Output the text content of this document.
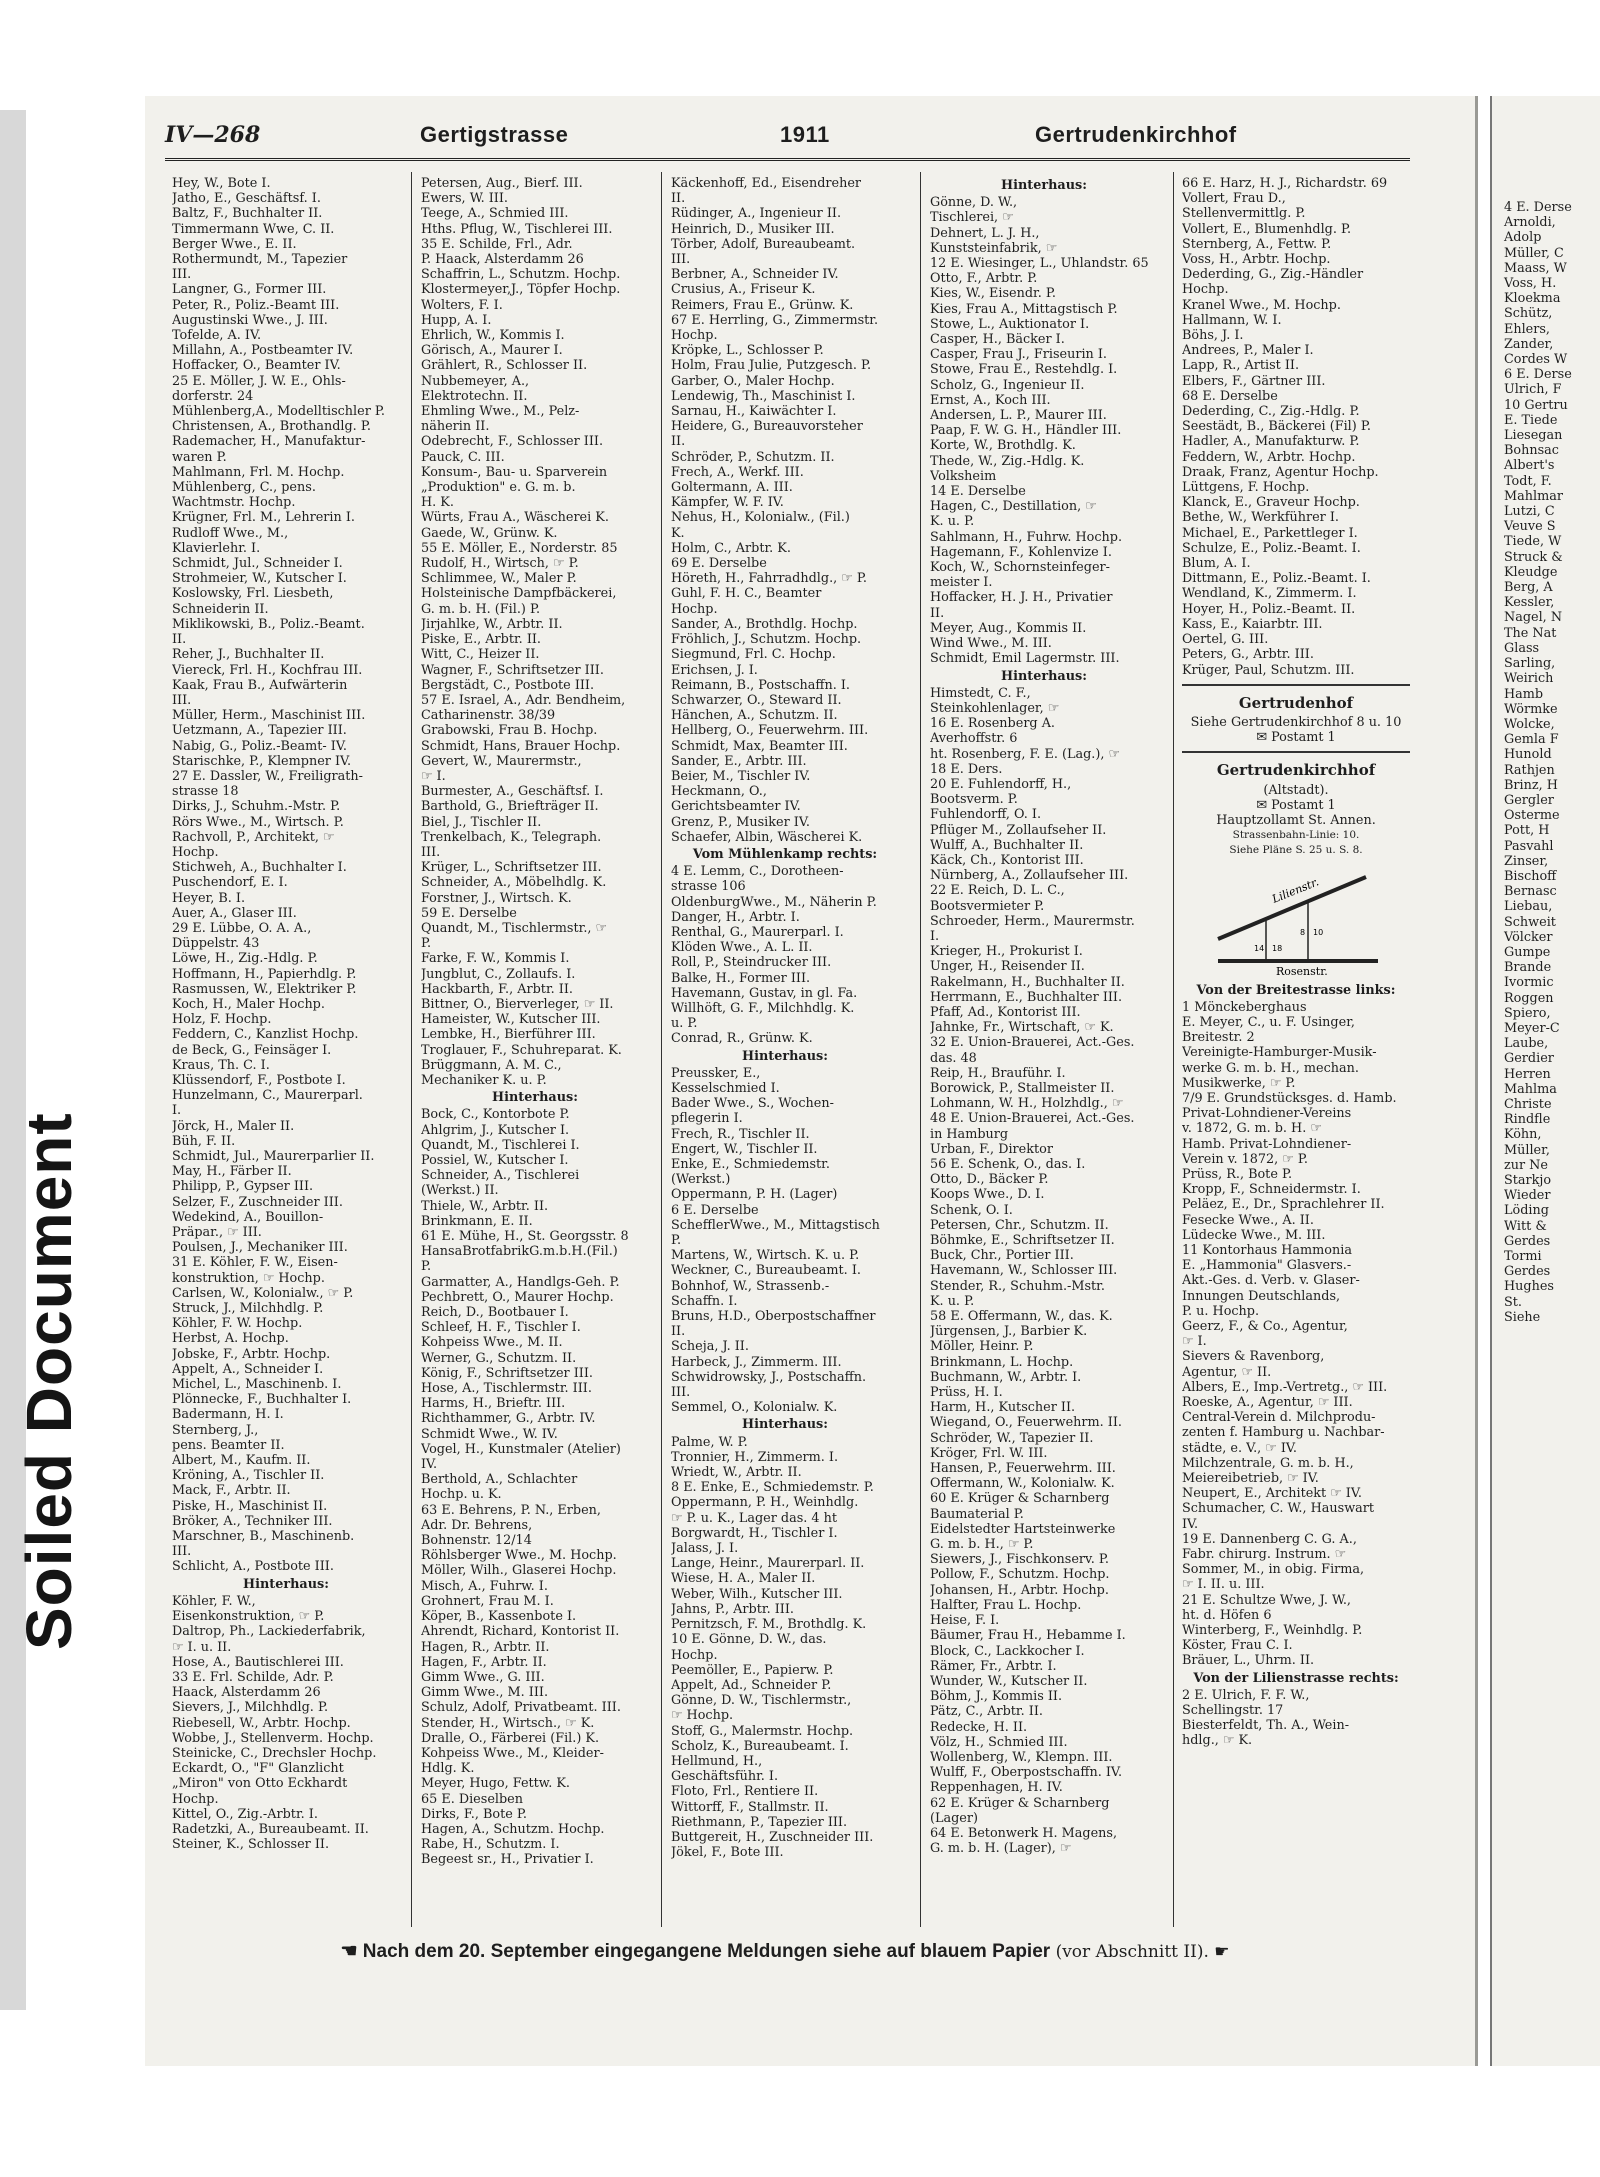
Soiled Document
4 E. Derse
Arnoldi,
Adolp
Müller, C
Maass, W
Voss, H.
Kloekma
Schütz,
Ehlers,
Zander,
Cordes W
6 E. Derse
Ulrich, F
10 Gertru
E. Tiede
Liesegan
Bohnsac
Albert's
Todt, F.
Mahlmar
Lutzi, C
Veuve S
Tiede, W
Struck &
Kleudge
Berg, A
Kessler,
Nagel, N
The Nat
Glass
Sarling,
Weirich
Hamb
Wörmke
Wolcke,
Gemla F
Hunold
Rathjen
Brinz, H
Gergler
Osterme
Pott, H
Pasvahl
Zinser,
Bischoff
Bernasc
Liebau,
Schweit
Völcker
Gumpe
Brande
Ivormic
Roggen
Spiero,
Meyer-C
Laube,
Gerdier
Herren
Mahlma
Christe
Rindfle
Köhn,
Müller,
zur Ne
Starkjo
Wieder
Löding
Witt &
Gerdes
Tormi
Gerdes
Hughes
St.
Siehe
IV—268	Gertigstrasse	1911	Gertrudenkirchhof
Hey, W., Bote I.
Jatho, E., Geschäftsf. I.
Baltz, F., Buchhalter II.
Timmermann Wwe, C. II.
Berger Wwe., E. II.
Rothermundt, M., Tapezier
III.
Langner, G., Former III.
Peter, R., Poliz.-Beamt III.
Augustinski Wwe., J. III.
Tofelde, A. IV.
Millahn, A., Postbeamter IV.
Hoffacker, O., Beamter IV.
25 E. Möller, J. W. E., Ohls-
dorferstr. 24
Mühlenberg,A., Modelltischler P.
Christensen, A., Brothandlg. P.
Rademacher, H., Manufaktur-
waren P.
Mahlmann, Frl. M. Hochp.
Mühlenberg, C., pens.
Wachtmstr. Hochp.
Krügner, Frl. M., Lehrerin I.
Rudloff Wwe., M.,
Klavierlehr. I.
Schmidt, Jul., Schneider I.
Strohmeier, W., Kutscher I.
Koslowsky, Frl. Liesbeth,
Schneiderin II.
Miklikowski, B., Poliz.-Beamt.
II.
Reher, J., Buchhalter II.
Viereck, Frl. H., Kochfrau III.
Kaak, Frau B., Aufwärterin
III.
Müller, Herm., Maschinist III.
Uetzmann, A., Tapezier III.
Nabig, G., Poliz.-Beamt- IV.
Starischke, P., Klempner IV.
27 E. Dassler, W., Freiligrath-
strasse 18
Dirks, J., Schuhm.-Mstr. P.
Rörs Wwe., M., Wirtsch. P.
Rachvoll, P., Architekt, ☞
Hochp.
Stichweh, A., Buchhalter I.
Puschendorf, E. I.
Heyer, B. I.
Auer, A., Glaser III.
29 E. Lübbe, O. A. A.,
Düppelstr. 43
Löwe, H., Zig.-Hdlg. P.
Hoffmann, H., Papierhdlg. P.
Rasmussen, W., Elektriker P.
Koch, H., Maler Hochp.
Holz, F. Hochp.
Feddern, C., Kanzlist Hochp.
de Beck, G., Feinsäger I.
Kraus, Th. C. I.
Klüssendorf, F., Postbote I.
Hunzelmann, C., Maurerparl.
I.
Jörck, H., Maler II.
Büh, F. II.
Schmidt, Jul., Maurerparlier II.
May, H., Färber II.
Philipp, P., Gypser III.
Selzer, F., Zuschneider III.
Wedekind, A., Bouillon-
Präpar., ☞ III.
Poulsen, J., Mechaniker III.
31 E. Köhler, F. W., Eisen-
konstruktion, ☞ Hochp.
Carlsen, W., Kolonialw., ☞ P.
Struck, J., Milchhdlg. P.
Köhler, F. W. Hochp.
Herbst, A. Hochp.
Jobske, F., Arbtr. Hochp.
Appelt, A., Schneider I.
Michel, L., Maschinenb. I.
Plönnecke, F., Buchhalter I.
Badermann, H. I.
Sternberg, J.,
pens. Beamter II.
Albert, M., Kaufm. II.
Kröning, A., Tischler II.
Mack, F., Arbtr. II.
Piske, H., Maschinist II.
Bröker, A., Techniker III.
Marschner, B., Maschinenb.
III.
Schlicht, A., Postbote III.
Hinterhaus:
Köhler, F. W.,
Eisenkonstruktion, ☞ P.
Daltrop, Ph., Lackiederfabrik,
☞ I. u. II.
Hose, A., Bautischlerei III.
33 E. Frl. Schilde, Adr. P.
Haack, Alsterdamm 26
Sievers, J., Milchhdlg. P.
Riebesell, W., Arbtr. Hochp.
Wobbe, J., Stellenverm. Hochp.
Steinicke, C., Drechsler Hochp.
Eckardt, O., "F" Glanzlicht
„Miron" von Otto Eckhardt
Hochp.
Kittel, O., Zig.-Arbtr. I.
Radetzki, A., Bureaubeamt. II.
Steiner, K., Schlosser II.
Petersen, Aug., Bierf. III.
Ewers, W. III.
Teege, A., Schmied III.
Hths. Pflug, W., Tischlerei III.
35 E. Schilde, Frl., Adr.
P. Haack, Alsterdamm 26
Schaffrin, L., Schutzm. Hochp.
Klostermeyer,J., Töpfer Hochp.
Wolters, F. I.
Hupp, A. I.
Ehrlich, W., Kommis I.
Görisch, A., Maurer I.
Grählert, R., Schlosser II.
Nubbemeyer, A.,
Elektrotechn. II.
Ehmling Wwe., M., Pelz-
näherin II.
Odebrecht, F., Schlosser III.
Pauck, C. III.
Konsum-, Bau- u. Sparverein
„Produktion" e. G. m. b.
H. K.
Würts, Frau A., Wäscherei K.
Gaede, W., Grünw. K.
55 E. Möller, E., Norderstr. 85
Rudolf, H., Wirtsch, ☞ P.
Schlimmee, W., Maler P.
Holsteinische Dampfbäckerei,
G. m. b. H. (Fil.) P.
Jirjahlke, W., Arbtr. II.
Piske, E., Arbtr. II.
Witt, C., Heizer II.
Wagner, F., Schriftsetzer III.
Bergstädt, C., Postbote III.
57 E. Israel, A., Adr. Bendheim,
Catharinenstr. 38/39
Grabowski, Frau B. Hochp.
Schmidt, Hans, Brauer Hochp.
Gevert, W., Maurermstr.,
☞ I.
Burmester, A., Geschäftsf. I.
Barthold, G., Briefträger II.
Biel, J., Tischler II.
Trenkelbach, K., Telegraph.
III.
Krüger, L., Schriftsetzer III.
Schneider, A., Möbelhdlg. K.
Forstner, J., Wirtsch. K.
59 E. Derselbe
Quandt, M., Tischlermstr., ☞
P.
Farke, F. W., Kommis I.
Jungblut, C., Zollaufs. I.
Hackbarth, F., Arbtr. II.
Bittner, O., Bierverleger, ☞ II.
Hameister, W., Kutscher III.
Lembke, H., Bierführer III.
Troglauer, F., Schuhreparat. K.
Brüggmann, A. M. C.,
Mechaniker K. u. P.
Hinterhaus:
Bock, C., Kontorbote P.
Ahlgrim, J., Kutscher I.
Quandt, M., Tischlerei I.
Possiel, W., Kutscher I.
Schneider, A., Tischlerei
(Werkst.) II.
Thiele, W., Arbtr. II.
Brinkmann, E. II.
61 E. Mühe, H., St. Georgsstr. 8
HansaBrotfabrikG.m.b.H.(Fil.)
P.
Garmatter, A., Handlgs-Geh. P.
Pechbrett, O., Maurer Hochp.
Reich, D., Bootbauer I.
Schleef, H. F., Tischler I.
Kohpeiss Wwe., M. II.
Werner, G., Schutzm. II.
König, F., Schriftsetzer III.
Hose, A., Tischlermstr. III.
Harms, H., Brieftr. III.
Richthammer, G., Arbtr. IV.
Schmidt Wwe., W. IV.
Vogel, H., Kunstmaler (Atelier)
IV.
Berthold, A., Schlachter
Hochp. u. K.
63 E. Behrens, P. N., Erben,
Adr. Dr. Behrens,
Bohnenstr. 12/14
Röhlsberger Wwe., M. Hochp.
Möller, Wilh., Glaserei Hochp.
Misch, A., Fuhrw. I.
Grohnert, Frau M. I.
Köper, B., Kassenbote I.
Ahrendt, Richard, Kontorist II.
Hagen, R., Arbtr. II.
Hagen, F., Arbtr. II.
Gimm Wwe., G. III.
Gimm Wwe., M. III.
Schulz, Adolf, Privatbeamt. III.
Stender, H., Wirtsch., ☞ K.
Dralle, O., Färberei (Fil.) K.
Kohpeiss Wwe., M., Kleider-
Hdlg. K.
Meyer, Hugo, Fettw. K.
65 E. Dieselben
Dirks, F., Bote P.
Hagen, A., Schutzm. Hochp.
Rabe, H., Schutzm. I.
Begeest sr., H., Privatier I.
Käckenhoff, Ed., Eisendreher
II.
Rüdinger, A., Ingenieur II.
Heinrich, D., Musiker III.
Törber, Adolf, Bureaubeamt.
III.
Berbner, A., Schneider IV.
Crusius, A., Friseur K.
Reimers, Frau E., Grünw. K.
67 E. Herrling, G., Zimmermstr.
Hochp.
Kröpke, L., Schlosser P.
Holm, Frau Julie, Putzgesch. P.
Garber, O., Maler Hochp.
Lendewig, Th., Maschinist I.
Sarnau, H., Kaiwächter I.
Heidere, G., Bureauvorsteher
II.
Schröder, P., Schutzm. II.
Frech, A., Werkf. III.
Goltermann, A. III.
Kämpfer, W. F. IV.
Nehus, H., Kolonialw., (Fil.)
K.
Holm, C., Arbtr. K.
69 E. Derselbe
Höreth, H., Fahrradhdlg., ☞ P.
Guhl, F. H. C., Beamter
Hochp.
Sander, A., Brothdlg. Hochp.
Fröhlich, J., Schutzm. Hochp.
Siegmund, Frl. C. Hochp.
Erichsen, J. I.
Reimann, B., Postschaffn. I.
Schwarzer, O., Steward II.
Hänchen, A., Schutzm. II.
Hellberg, O., Feuerwehrm. III.
Schmidt, Max, Beamter III.
Sander, E., Arbtr. III.
Beier, M., Tischler IV.
Heckmann, O.,
Gerichtsbeamter IV.
Grenz, P., Musiker IV.
Schaefer, Albin, Wäscherei K.
Vom Mühlenkamp rechts:
4 E. Lemm, C., Dorotheen-
strasse 106
OldenburgWwe., M., Näherin P.
Danger, H., Arbtr. I.
Renthal, G., Maurerparl. I.
Klöden Wwe., A. L. II.
Roll, P., Steindrucker III.
Balke, H., Former III.
Havemann, Gustav, in gl. Fa.
Willhöft, G. F., Milchhdlg. K.
u. P.
Conrad, R., Grünw. K.
Hinterhaus:
Preussker, E.,
Kesselschmied I.
Bader Wwe., S., Wochen-
pflegerin I.
Frech, R., Tischler II.
Engert, W., Tischler II.
Enke, E., Schmiedemstr.
(Werkst.)
Oppermann, P. H. (Lager)
6 E. Derselbe
SchefflerWwe., M., Mittagstisch
P.
Martens, W., Wirtsch. K. u. P.
Weckner, C., Bureaubeamt. I.
Bohnhof, W., Strassenb.-
Schaffn. I.
Bruns, H.D., Oberpostschaffner
II.
Scheja, J. II.
Harbeck, J., Zimmerm. III.
Schwidrowsky, J., Postschaffn.
III.
Semmel, O., Kolonialw. K.
Hinterhaus:
Palme, W. P.
Tronnier, H., Zimmerm. I.
Wriedt, W., Arbtr. II.
8 E. Enke, E., Schmiedemstr. P.
Oppermann, P. H., Weinhdlg.
☞ P. u. K., Lager das. 4 ht
Borgwardt, H., Tischler I.
Jalass, J. I.
Lange, Heinr., Maurerparl. II.
Wiese, H. A., Maler II.
Weber, Wilh., Kutscher III.
Jahns, P., Arbtr. III.
Pernitzsch, F. M., Brothdlg. K.
10 E. Gönne, D. W., das.
Hochp.
Peemöller, E., Papierw. P.
Appelt, Ad., Schneider P.
Gönne, D. W., Tischlermstr.,
☞ Hochp.
Stoff, G., Malermstr. Hochp.
Scholz, K., Bureaubeamt. I.
Hellmund, H.,
Geschäftsführ. I.
Floto, Frl., Rentiere II.
Wittorff, F., Stallmstr. II.
Riethmann, P., Tapezier III.
Buttgereit, H., Zuschneider III.
Jökel, F., Bote III.
Hinterhaus:
Gönne, D. W.,
Tischlerei, ☞
Dehnert, L. J. H.,
Kunststeinfabrik, ☞
12 E. Wiesinger, L., Uhlandstr. 65
Otto, F., Arbtr. P.
Kies, W., Eisendr. P.
Kies, Frau A., Mittagstisch P.
Stowe, L., Auktionator I.
Casper, H., Bäcker I.
Casper, Frau J., Friseurin I.
Stowe, Frau E., Restehdlg. I.
Scholz, G., Ingenieur II.
Ernst, A., Koch III.
Andersen, L. P., Maurer III.
Paap, F. W. G. H., Händler III.
Korte, W., Brothdlg. K.
Thede, W., Zig.-Hdlg. K.
Volksheim
14 E. Derselbe
Hagen, C., Destillation, ☞
K. u. P.
Sahlmann, H., Fuhrw. Hochp.
Hagemann, F., Kohlenvize I.
Koch, W., Schornsteinfeger-
meister I.
Hoffacker, H. J. H., Privatier
II.
Meyer, Aug., Kommis II.
Wind Wwe., M. III.
Schmidt, Emil Lagermstr. III.
Hinterhaus:
Himstedt, C. F.,
Steinkohlenlager, ☞
16 E. Rosenberg A.
Averhoffstr. 6
ht. Rosenberg, F. E. (Lag.), ☞
18 E. Ders.
20 E. Fuhlendorff, H.,
Bootsverm. P.
Fuhlendorff, O. I.
Pflüger M., Zollaufseher II.
Wulff, A., Buchhalter II.
Käck, Ch., Kontorist III.
Nürnberg, A., Zollaufseher III.
22 E. Reich, D. L. C.,
Bootsvermieter P.
Schroeder, Herm., Maurermstr.
I.
Krieger, H., Prokurist I.
Unger, H., Reisender II.
Rakelmann, H., Buchhalter II.
Herrmann, E., Buchhalter III.
Pfaff, Ad., Kontorist III.
Jahnke, Fr., Wirtschaft, ☞ K.
32 E. Union-Brauerei, Act.-Ges.
das. 48
Reip, H., Brauführ. I.
Borowick, P., Stallmeister II.
Lohmann, W. H., Holzhdlg., ☞
48 E. Union-Brauerei, Act.-Ges.
in Hamburg
Urban, F., Direktor
56 E. Schenk, O., das. I.
Otto, D., Bäcker P.
Koops Wwe., D. I.
Schenk, O. I.
Petersen, Chr., Schutzm. II.
Böhmke, E., Schriftsetzer II.
Buck, Chr., Portier III.
Havemann, W., Schlosser III.
Stender, R., Schuhm.-Mstr.
K. u. P.
58 E. Offermann, W., das. K.
Jürgensen, J., Barbier K.
Möller, Heinr. P.
Brinkmann, L. Hochp.
Buchmann, W., Arbtr. I.
Prüss, H. I.
Harm, H., Kutscher II.
Wiegand, O., Feuerwehrm. II.
Schröder, W., Tapezier II.
Kröger, Frl. W. III.
Hansen, P., Feuerwehrm. III.
Offermann, W., Kolonialw. K.
60 E. Krüger & Scharnberg
Baumaterial P.
Eidelstedter Hartsteinwerke
G. m. b. H., ☞ P.
Siewers, J., Fischkonserv. P.
Pollow, F., Schutzm. Hochp.
Johansen, H., Arbtr. Hochp.
Halfter, Frau L. Hochp.
Heise, F. I.
Bäumer, Frau H., Hebamme I.
Block, C., Lackkocher I.
Rämer, Fr., Arbtr. I.
Wunder, W., Kutscher II.
Böhm, J., Kommis II.
Pätz, C., Arbtr. II.
Redecke, H. II.
Völz, H., Schmied III.
Wollenberg, W., Klempn. III.
Wulff, F., Oberpostschaffn. IV.
Reppenhagen, H. IV.
62 E. Krüger & Scharnberg
(Lager)
64 E. Betonwerk H. Magens,
G. m. b. H. (Lager), ☞
66 E. Harz, H. J., Richardstr. 69
Vollert, Frau D.,
Stellenvermittlg. P.
Vollert, E., Blumenhdlg. P.
Sternberg, A., Fettw. P.
Voss, H., Arbtr. Hochp.
Dederding, G., Zig.-Händler
Hochp.
Kranel Wwe., M. Hochp.
Hallmann, W. I.
Böhs, J. I.
Andrees, P., Maler I.
Lapp, R., Artist II.
Elbers, F., Gärtner III.
68 E. Derselbe
Dederding, C., Zig.-Hdlg. P.
Seestädt, B., Bäckerei (Fil) P.
Hadler, A., Manufakturw. P.
Feddern, W., Arbtr. Hochp.
Draak, Franz, Agentur Hochp.
Lüttgens, F. Hochp.
Klanck, E., Graveur Hochp.
Bethe, W., Werkführer I.
Michael, E., Parkettleger I.
Schulze, E., Poliz.-Beamt. I.
Blum, A. I.
Dittmann, E., Poliz.-Beamt. I.
Wendland, K., Zimmerm. I.
Hoyer, H., Poliz.-Beamt. II.
Kass, E., Kaiarbtr. III.
Oertel, G. III.
Peters, G., Arbtr. III.
Krüger, Paul, Schutzm. III.
Gertrudenhof
Siehe Gertrudenkirchhof 8 u. 10
✉ Postamt 1
Gertrudenkirchhof
(Altstadt).
✉ Postamt 1
Hauptzollamt St. Annen.
Strassenbahn-Linie: 10.
Siehe Pläne S. 25 u. S. 8.
Lilienstr.
Rosenstr.
14 18
8 10
Von der Breitestrasse links:
1 Mönckeberghaus
E. Meyer, C., u. F. Usinger,
Breitestr. 2
Vereinigte-Hamburger-Musik-
werke G. m. b. H., mechan.
Musikwerke, ☞ P.
7/9 E. Grundstücksges. d. Hamb.
Privat-Lohndiener-Vereins
v. 1872, G. m. b. H. ☞
Hamb. Privat-Lohndiener-
Verein v. 1872, ☞ P.
Prüss, R., Bote P.
Kropp, F., Schneidermstr. I.
Peläez, E., Dr., Sprachlehrer II.
Fesecke Wwe., A. II.
Lüdecke Wwe., M. III.
11 Kontorhaus Hammonia
E. „Hammonia" Glasvers.-
Akt.-Ges. d. Verb. v. Glaser-
Innungen Deutschlands,
P. u. Hochp.
Geerz, F., & Co., Agentur,
☞ I.
Sievers & Ravenborg,
Agentur, ☞ II.
Albers, E., Imp.-Vertretg., ☞ III.
Roeske, A., Agentur, ☞ III.
Central-Verein d. Milchprodu-
zenten f. Hamburg u. Nachbar-
städte, e. V., ☞ IV.
Milchzentrale, G. m. b. H.,
Meiereibetrieb, ☞ IV.
Neupert, E., Architekt ☞ IV.
Schumacher, C. W., Hauswart
IV.
19 E. Dannenberg C. G. A.,
Fabr. chirurg. Instrum. ☞
Sommer, M., in obig. Firma,
☞ I. II. u. III.
21 E. Schultze Wwe, J. W.,
ht. d. Höfen 6
Winterberg, F., Weinhdlg. P.
Köster, Frau C. I.
Bräuer, L., Uhrm. II.
Von der Lilienstrasse rechts:
2 E. Ulrich, F. F. W.,
Schellingstr. 17
Biesterfeldt, Th. A., Wein-
hdlg., ☞ K.
☚ Nach dem 20. September eingegangene Meldungen siehe auf blauem Papier (vor Abschnitt II). ☛
